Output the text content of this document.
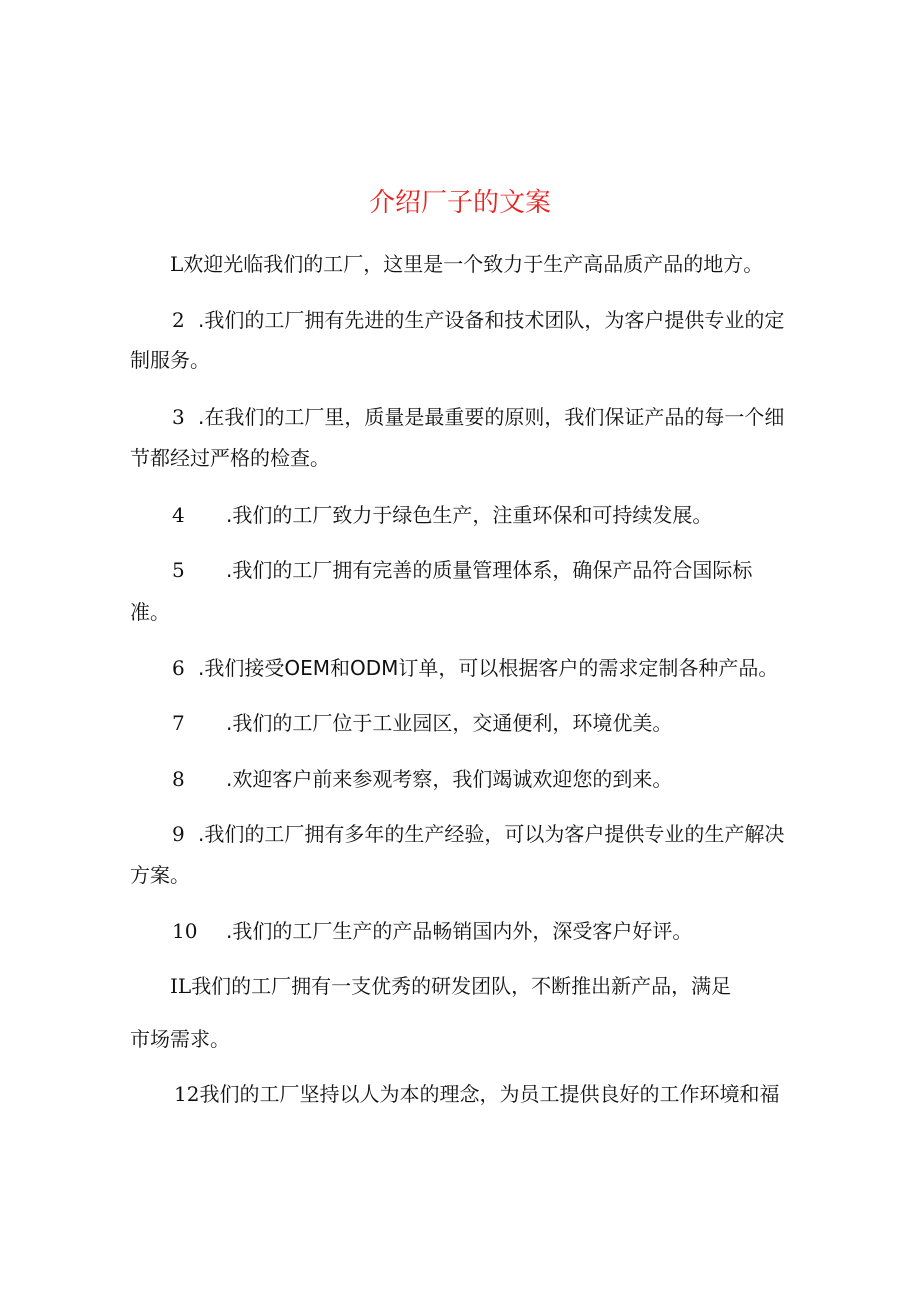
介绍厂子的文案
L欢迎光临我们的工厂，这里是一个致力于生产高品质产品的地方。
2 .我们的工厂拥有先进的生产设备和技术团队，为客户提供专业的定
制服务。
3 .在我们的工厂里，质量是最重要的原则，我们保证产品的每一个细
节都经过严格的检查。
4 .我们的工厂致力于绿色生产，注重环保和可持续发展。
5 .我们的工厂拥有完善的质量管理体系，确保产品符合国际标
准。
6 .我们接受OEM和ODM订单，可以根据客户的需求定制各种产品。
7 .我们的工厂位于工业园区，交通便利，环境优美。
8 .欢迎客户前来参观考察，我们竭诚欢迎您的到来。
9 .我们的工厂拥有多年的生产经验，可以为客户提供专业的生产解决
方案。
10 .我们的工厂生产的产品畅销国内外，深受客户好评。
IL我们的工厂拥有一支优秀的研发团队，不断推出新产品，满足
市场需求。
12我们的工厂坚持以人为本的理念，为员工提供良好的工作环境和福
